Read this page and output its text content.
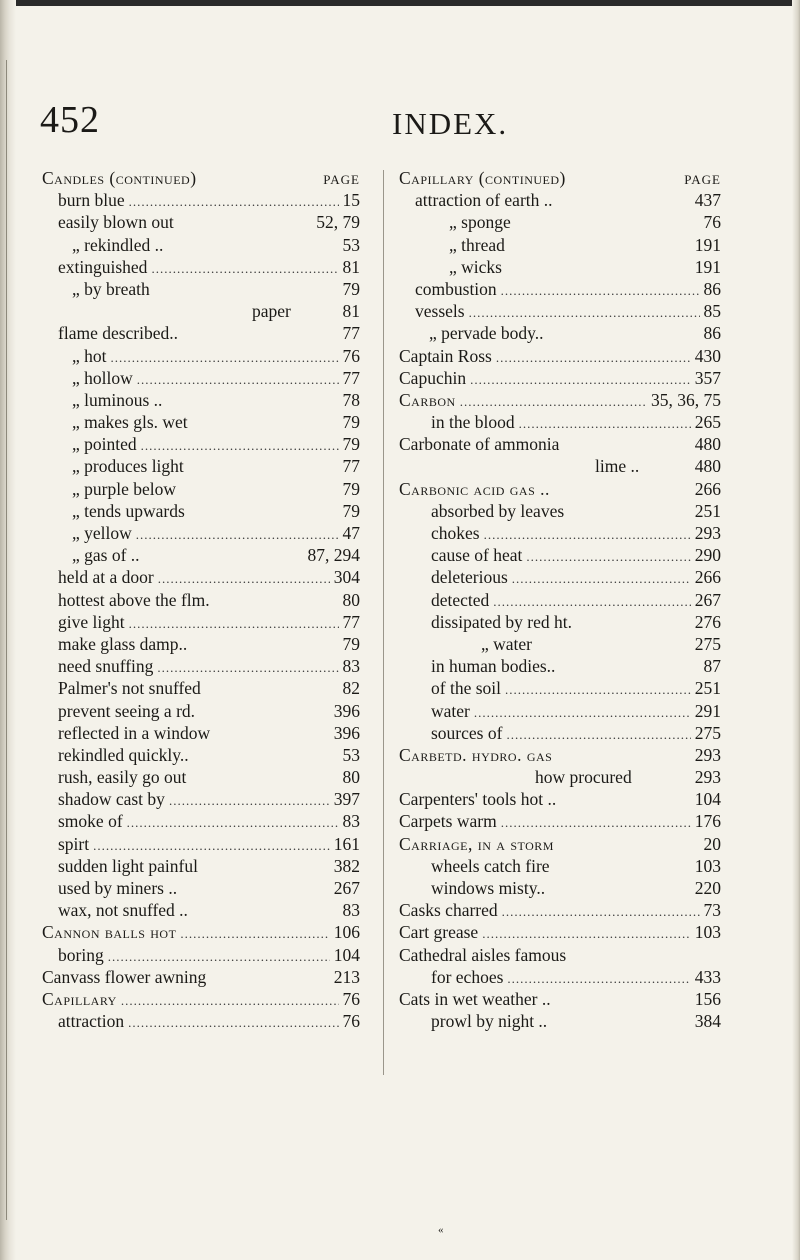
452	INDEX.
Candles (continued)	PAGE
burn blue .....	15
easily blown out	52, 79
„ rekindled ..	53
extinguished .....	81
„ by breath	79
paper	81
flame described..	77
„ hot .....	76
„ hollow .....	77
„ luminous ..	78
„ makes gls. wet	79
„ pointed .....	79
„ produces light	77
„ purple below	79
„ tends upwards	79
„ yellow .....	47
„ gas of ..	87, 294
held at a door .....	304
hottest above the flm.	80
give light .....	77
make glass damp..	79
need snuffing .....	83
Palmer's not snuffed	82
prevent seeing a rd.	396
reflected in a window	396
rekindled quickly..	53
rush, easily go out	80
shadow cast by .....	397
smoke of .....	83
spirt .....	161
sudden light painful	382
used by miners ..	267
wax, not snuffed ..	83
Cannon balls hot .....	106
boring .....	104
Canvass flower awning	213
Capillary .....	76
attraction .....	76
Capillary (continued)	PAGE
attraction of earth ..	437
„ sponge	76
„ thread	191
„ wicks	191
combustion .....	86
vessels .....	85
„ pervade body..	86
Captain Ross .....	430
Capuchin .....	357
Carbon .....	35, 36, 75
in the blood .....	265
Carbonate of ammonia	480
lime ..	480
Carbonic acid gas ..	266
absorbed by leaves	251
chokes .....	293
cause of heat .....	290
deleterious .....	266
detected .....	267
dissipated by red ht.	276
„ water	275
in human bodies..	87
of the soil .....	251
water .....	291
sources of .....	275
Carbetd. hydro. gas	293
how procured	293
Carpenters' tools hot ..	104
Carpets warm .....	176
Carriage, in a storm	20
wheels catch fire	103
windows misty..	220
Casks charred .....	73
Cart grease .....	103
Cathedral aisles famous
for echoes .....	433
Cats in wet weather ..	156
prowl by night ..	384
«
